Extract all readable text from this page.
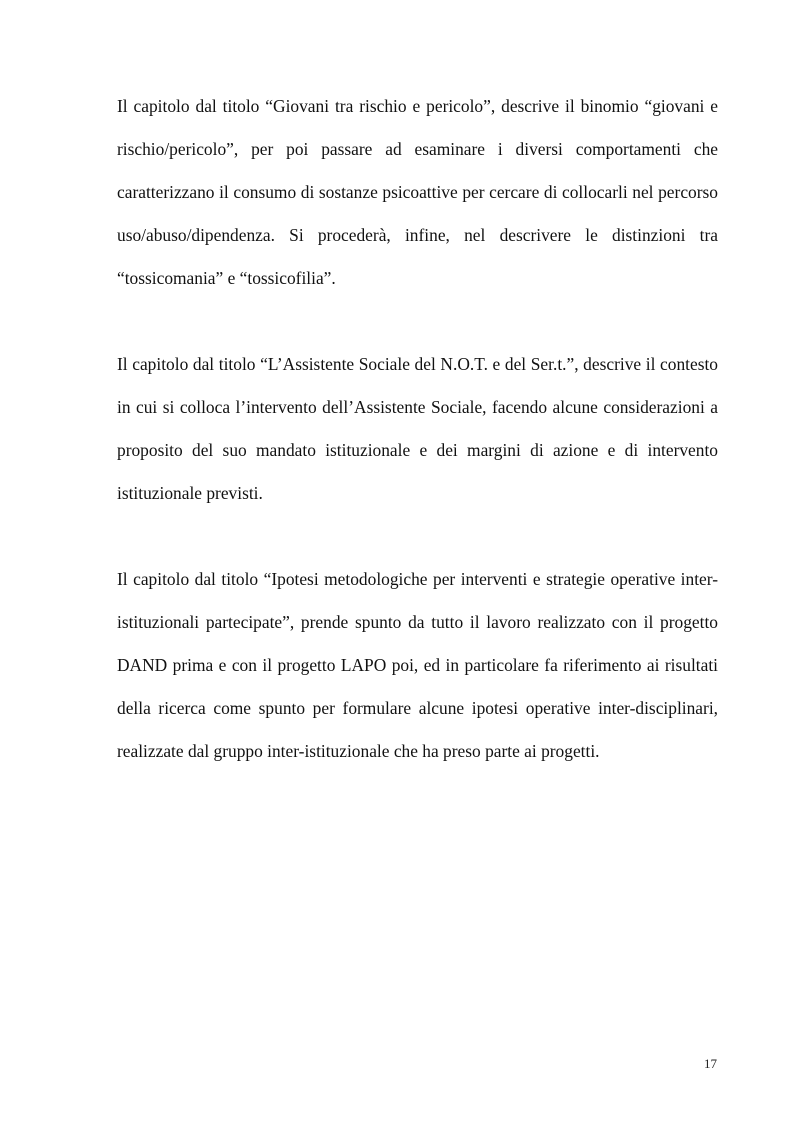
Il capitolo dal titolo “Giovani tra rischio e pericolo”, descrive il binomio “giovani e rischio/pericolo”, per poi passare ad esaminare i diversi comportamenti che caratterizzano il consumo di sostanze psicoattive per cercare di collocarli nel percorso uso/abuso/dipendenza. Si procederà, infine, nel descrivere le distinzioni tra “tossicomania” e “tossicofilia”.

Il capitolo dal titolo “L’Assistente Sociale del N.O.T. e del Ser.t.”, descrive il contesto in cui si colloca l’intervento dell’Assistente Sociale, facendo alcune considerazioni a proposito del suo mandato istituzionale e dei margini di azione e di intervento istituzionale previsti.

Il capitolo dal titolo “Ipotesi metodologiche per interventi e strategie operative inter-istituzionali partecipate”, prende spunto da tutto il lavoro realizzato con il progetto DAND prima e con il progetto LAPO poi, ed in particolare fa riferimento ai risultati della ricerca come spunto per formulare alcune ipotesi operative inter-disciplinari, realizzate dal gruppo inter-istituzionale che ha preso parte ai progetti.

17
